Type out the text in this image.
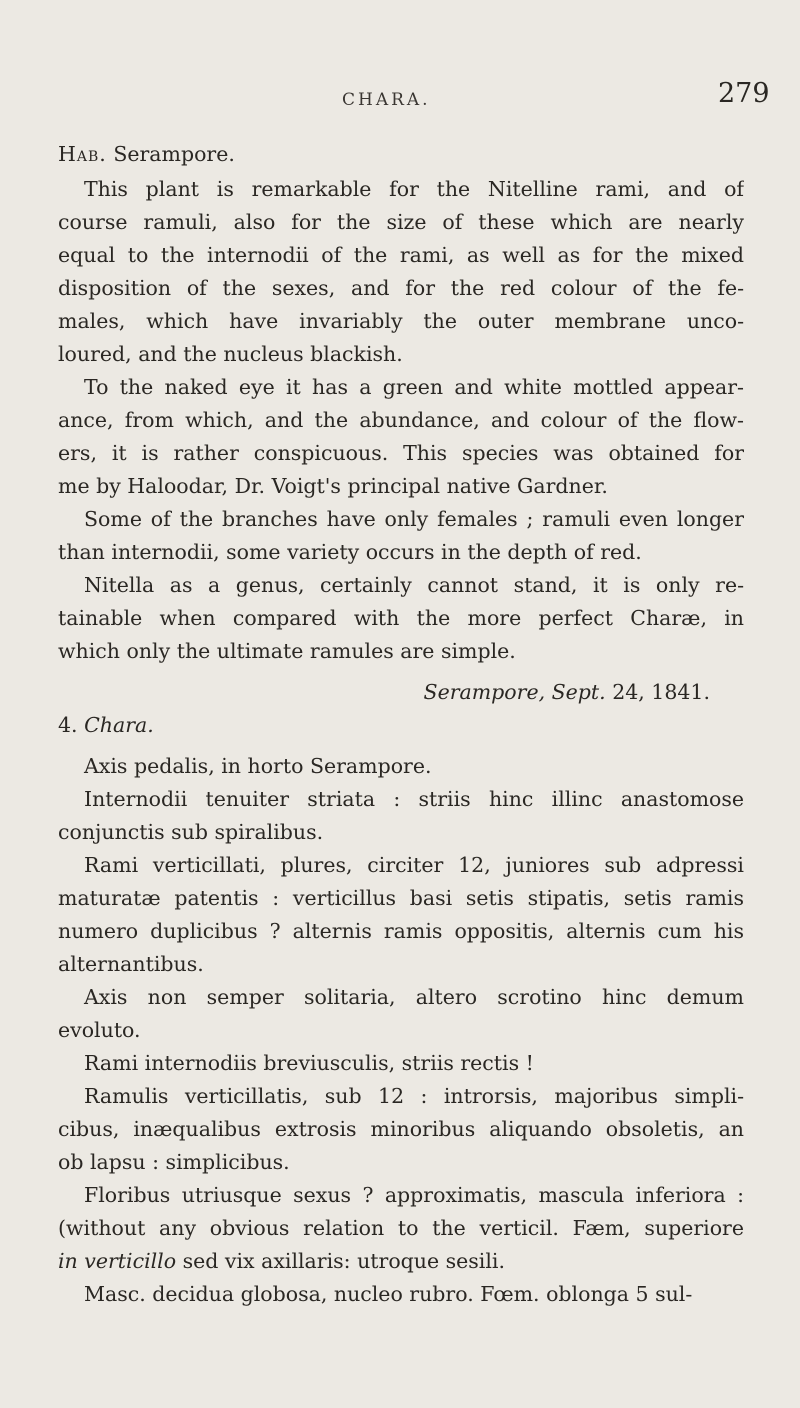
CHARA.	279
Hab. Serampore.
This plant is remarkable for the Nitelline rami, and of
course ramuli, also for the size of these which are nearly
equal to the internodii of the rami, as well as for the mixed
disposition of the sexes, and for the red colour of the fe-
males, which have invariably the outer membrane unco-
loured, and the nucleus blackish.
To the naked eye it has a green and white mottled appear-
ance, from which, and the abundance, and colour of the flow-
ers, it is rather conspicuous. This species was obtained for
me by Haloodar, Dr. Voigt's principal native Gardner.
Some of the branches have only females ; ramuli even longer
than internodii, some variety occurs in the depth of red.
Nitella as a genus, certainly cannot stand, it is only re-
tainable when compared with the more perfect Charæ, in
which only the ultimate ramules are simple.
Serampore, Sept. 24, 1841.
4. Chara.
Axis pedalis, in horto Serampore.
Internodii tenuiter striata : striis hinc illinc anastomose
conjunctis sub spiralibus.
Rami verticillati, plures, circiter 12, juniores sub adpressi
maturatæ patentis : verticillus basi setis stipatis, setis ramis
numero duplicibus ? alternis ramis oppositis, alternis cum his
alternantibus.
Axis non semper solitaria, altero scrotino hinc demum
evoluto.
Rami internodiis breviusculis, striis rectis !
Ramulis verticillatis, sub 12 : introrsis, majoribus simpli-
cibus, inæqualibus extrosis minoribus aliquando obsoletis, an
ob lapsu : simplicibus.
Floribus utriusque sexus ? approximatis, mascula inferiora :
(without any obvious relation to the verticil. Fæm, superiore
in verticillo sed vix axillaris: utroque sesili.
Masc. decidua globosa, nucleo rubro. Fœm. oblonga 5 sul-
